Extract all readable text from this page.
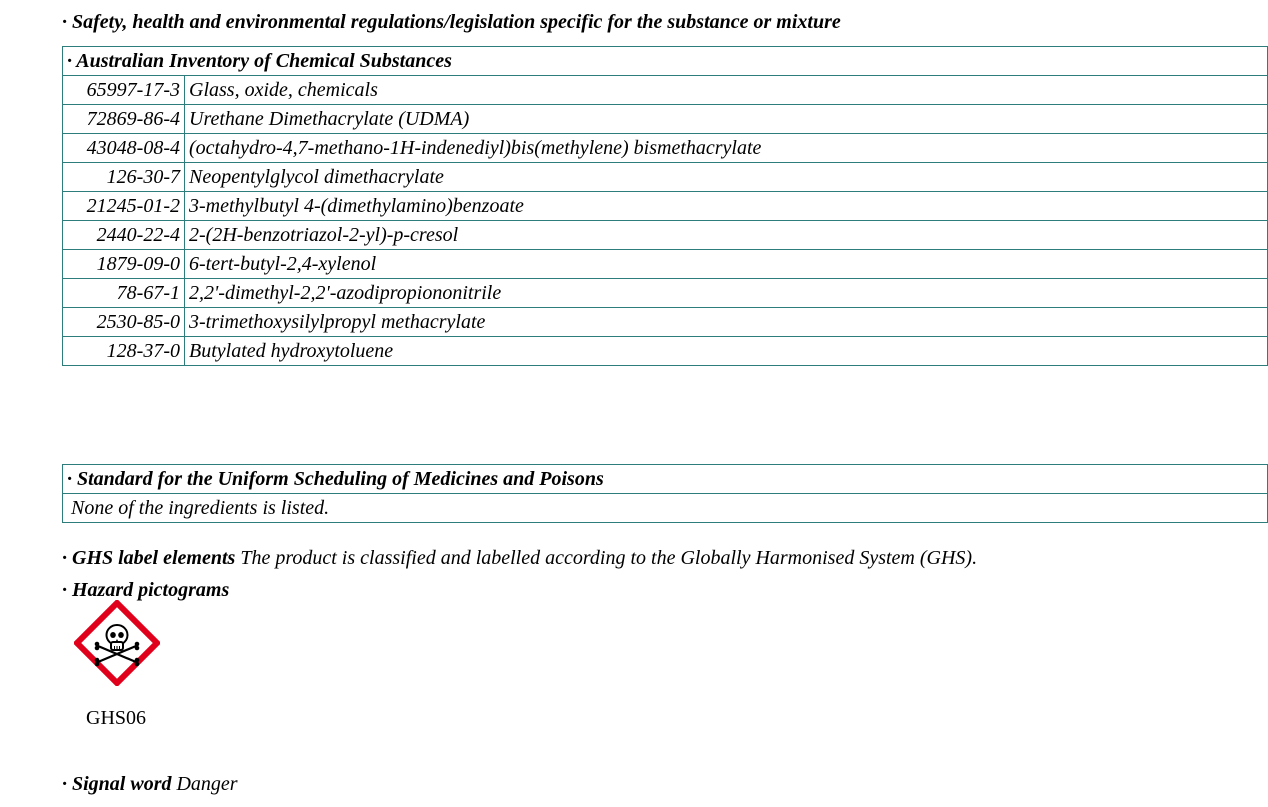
· Safety, health and environmental regulations/legislation specific for the substance or mixture
· Australian Inventory of Chemical Substances	
65997-17-3	Glass, oxide, chemicals
72869-86-4	Urethane Dimethacrylate (UDMA)
43048-08-4	(octahydro-4,7-methano-1H-indenediyl)bis(methylene) bismethacrylate
126-30-7	Neopentylglycol dimethacrylate
21245-01-2	3-methylbutyl 4-(dimethylamino)benzoate
2440-22-4	2-(2H-benzotriazol-2-yl)-p-cresol
1879-09-0	6-tert-butyl-2,4-xylenol
78-67-1	2,2'-dimethyl-2,2'-azodipropiononitrile
2530-85-0	3-trimethoxysilylpropyl methacrylate
128-37-0	Butylated hydroxytoluene
· Standard for the Uniform Scheduling of Medicines and Poisons
None of the ingredients is listed.
· GHS label elements The product is classified and labelled according to the Globally Harmonised System (GHS).
· Hazard pictograms
GHS06
· Signal word Danger
